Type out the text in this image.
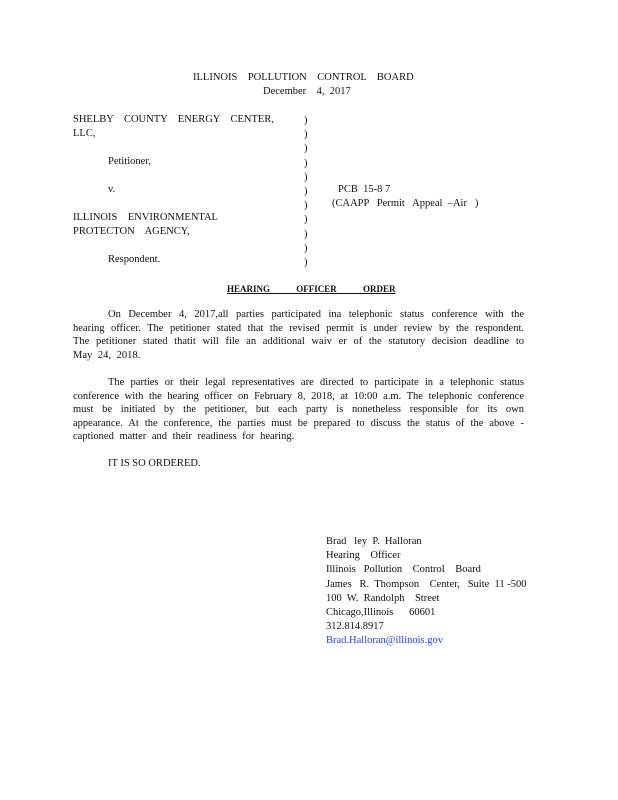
ILLINOIS    POLLUTION    CONTROL    BOARD
December    4,  2017
SHELBY    COUNTY    ENERGY    CENTER,
LLC,
Petitioner,
v.
ILLINOIS    ENVIRONMENTAL
PROTECTON    AGENCY,
Respondent.
)
)
)
)
)
)
)
)
)
)
)
PCB  15-8 7
(CAAPP   Permit   Appeal  –Air   )
HEARING OFFICER ORDER
On December 4, 2017,all parties participated ina telephonic status conference with the hearing officer. The petitioner stated that the revised permit is under review by the respondent. The petitioner stated thatit will file an additional waiv er of the statutory decision deadline to May 24, 2018.
The parties or their legal representatives are directed to participate in a telephonic status conference with the hearing officer on February 8, 2018, at 10:00 a.m. The telephonic conference must be initiated by the petitioner, but each party is nonetheless responsible for its own appearance. At the conference, the parties must be prepared to discuss the status of the above -captioned matter and their readiness for hearing.
IT IS SO ORDERED.
Brad   ley  P.  Halloran
Hearing    Officer
Illinois   Pollution    Control    Board
James   R.  Thompson    Center,   Suite  11 -500
100  W.  Randolph    Street
Chicago,Illinois      60601
312.814.8917
Brad.Halloran@illinois.gov
